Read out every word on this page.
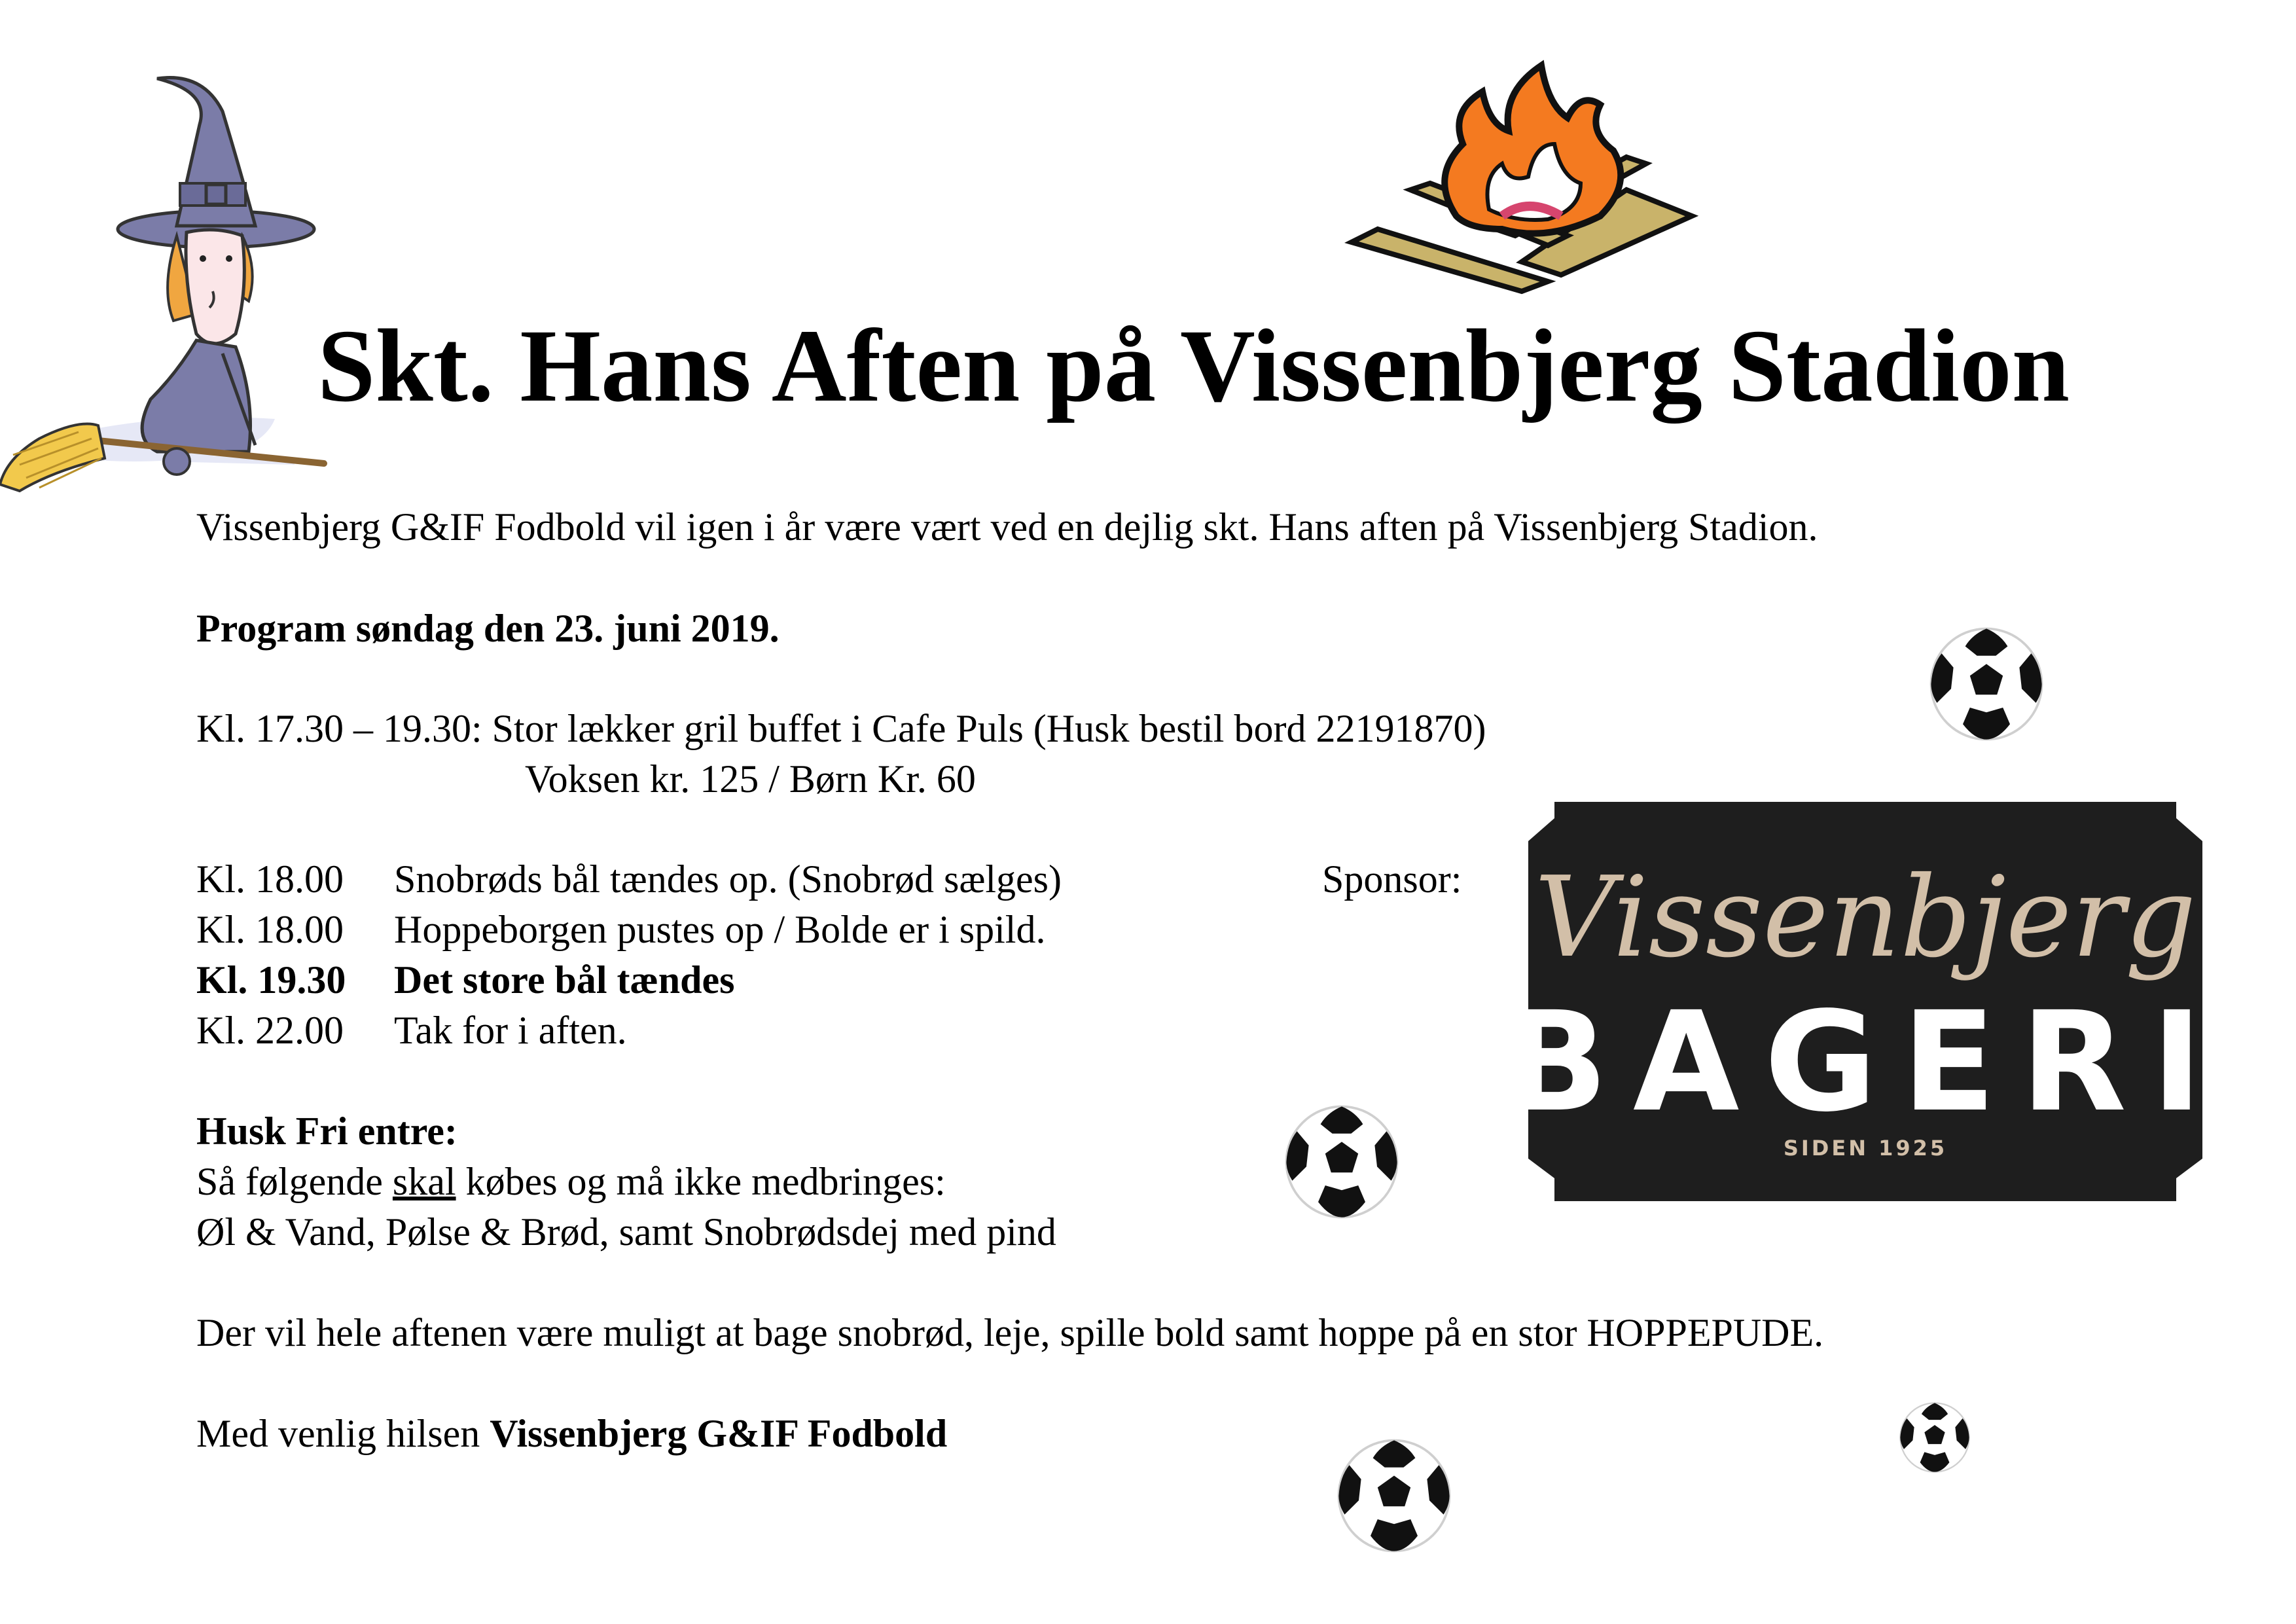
Skt. Hans Aften på Vissenbjerg Stadion
Vissenbjerg G&IF Fodbold vil igen i år være vært ved en dejlig skt. Hans aften på Vissenbjerg Stadion.
Program søndag den 23. juni 2019.
Kl. 17.30 – 19.30: Stor lækker gril buffet i Cafe Puls (Husk bestil bord 22191870)
Voksen kr. 125 / Børn Kr. 60
Kl. 18.00 Snobrøds bål tændes op. (Snobrød sælges)
Kl. 18.00 Hoppeborgen pustes op / Bolde er i spild.
Kl. 19.30 Det store bål tændes
Kl. 22.00 Tak for i aften.
Sponsor: Vissenbjerg
BAGERI
SIDEN 1925
Husk Fri entre:
Så følgende skal købes og må ikke medbringes:
Øl & Vand, Pølse & Brød, samt Snobrødsdej med pind
Der vil hele aftenen være muligt at bage snobrød, leje, spille bold samt hoppe på en stor HOPPEPUDE.
Med venlig hilsen Vissenbjerg G&IF Fodbold
